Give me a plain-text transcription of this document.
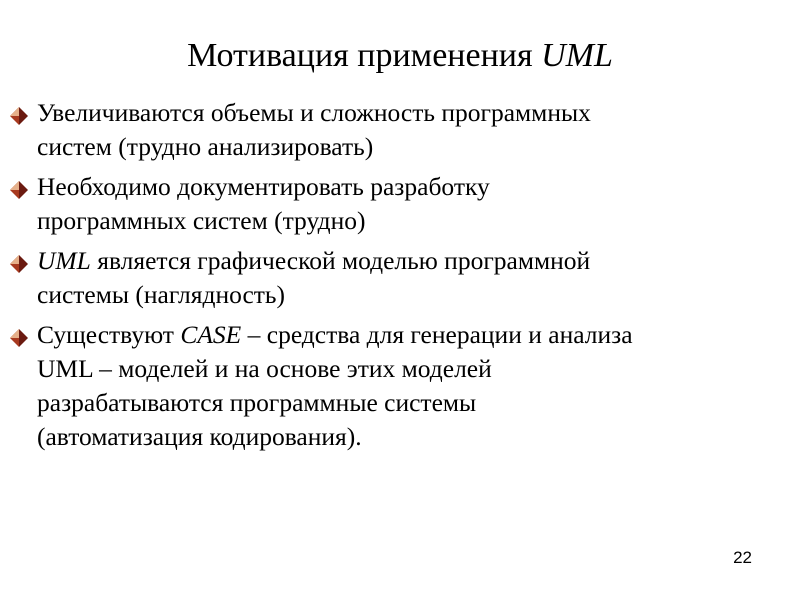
Мотивация применения UML
Увеличиваются объемы и сложность программных
систем (трудно анализировать)
Необходимо документировать разработку
программных систем (трудно)
UML является графической моделью программной
системы (наглядность)
Существуют CASE – средства для генерации и анализа
UML – моделей и на основе этих моделей
разрабатываются программные системы
(автоматизация кодирования).
22
